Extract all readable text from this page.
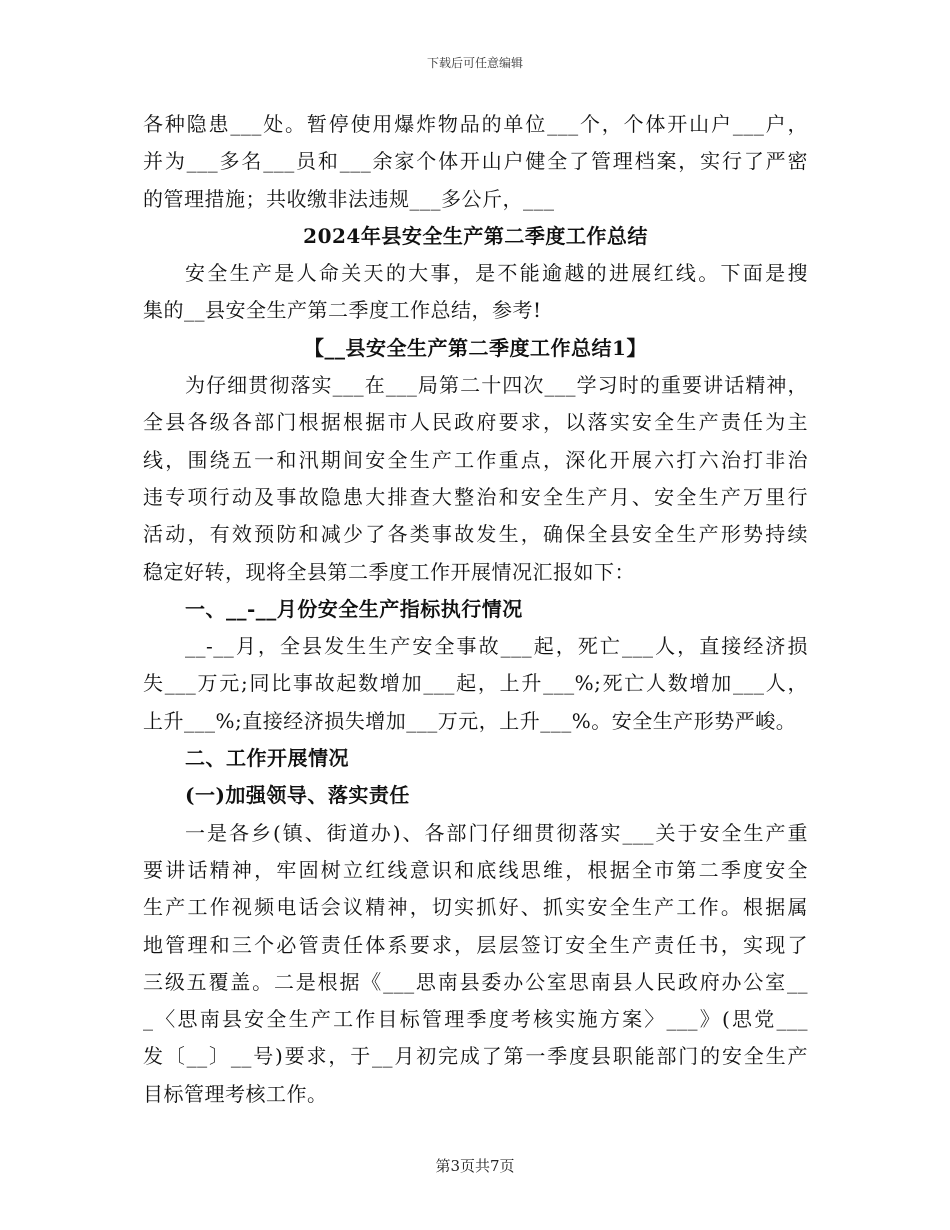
下载后可任意编辑
各种隐患___处。暂停使用爆炸物品的单位___个，个体开山户___户，
并为___多名___员和___余家个体开山户健全了管理档案，实行了严密
的管理措施；共收缴非法违规___多公斤，___
2024年县安全生产第二季度工作总结
安全生产是人命关天的大事，是不能逾越的进展红线。下面是搜
集的__县安全生产第二季度工作总结，参考!
【__县安全生产第二季度工作总结1】
为仔细贯彻落实___在___局第二十四次___学习时的重要讲话精神，
全县各级各部门根据根据市人民政府要求，以落实安全生产责任为主
线，围绕五一和汛期间安全生产工作重点，深化开展六打六治打非治
违专项行动及事故隐患大排查大整治和安全生产月、安全生产万里行
活动，有效预防和减少了各类事故发生，确保全县安全生产形势持续
稳定好转，现将全县第二季度工作开展情况汇报如下：
一、__-__月份安全生产指标执行情况
__-__月，全县发生生产安全事故___起，死亡___人，直接经济损
失___万元;同比事故起数增加___起，上升___%;死亡人数增加___人，
上升___%;直接经济损失增加___万元，上升___%。安全生产形势严峻。
二、工作开展情况
(一)加强领导、落实责任
一是各乡(镇、街道办)、各部门仔细贯彻落实___关于安全生产重
要讲话精神，牢固树立红线意识和底线思维，根据全市第二季度安全
生产工作视频电话会议精神，切实抓好、抓实安全生产工作。根据属
地管理和三个必管责任体系要求，层层签订安全生产责任书，实现了
三级五覆盖。二是根据《___思南县委办公室思南县人民政府办公室__
_〈思南县安全生产工作目标管理季度考核实施方案〉___》(思党___
发〔__〕__号)要求，于__月初完成了第一季度县职能部门的安全生产
目标管理考核工作。
第3页共7页
